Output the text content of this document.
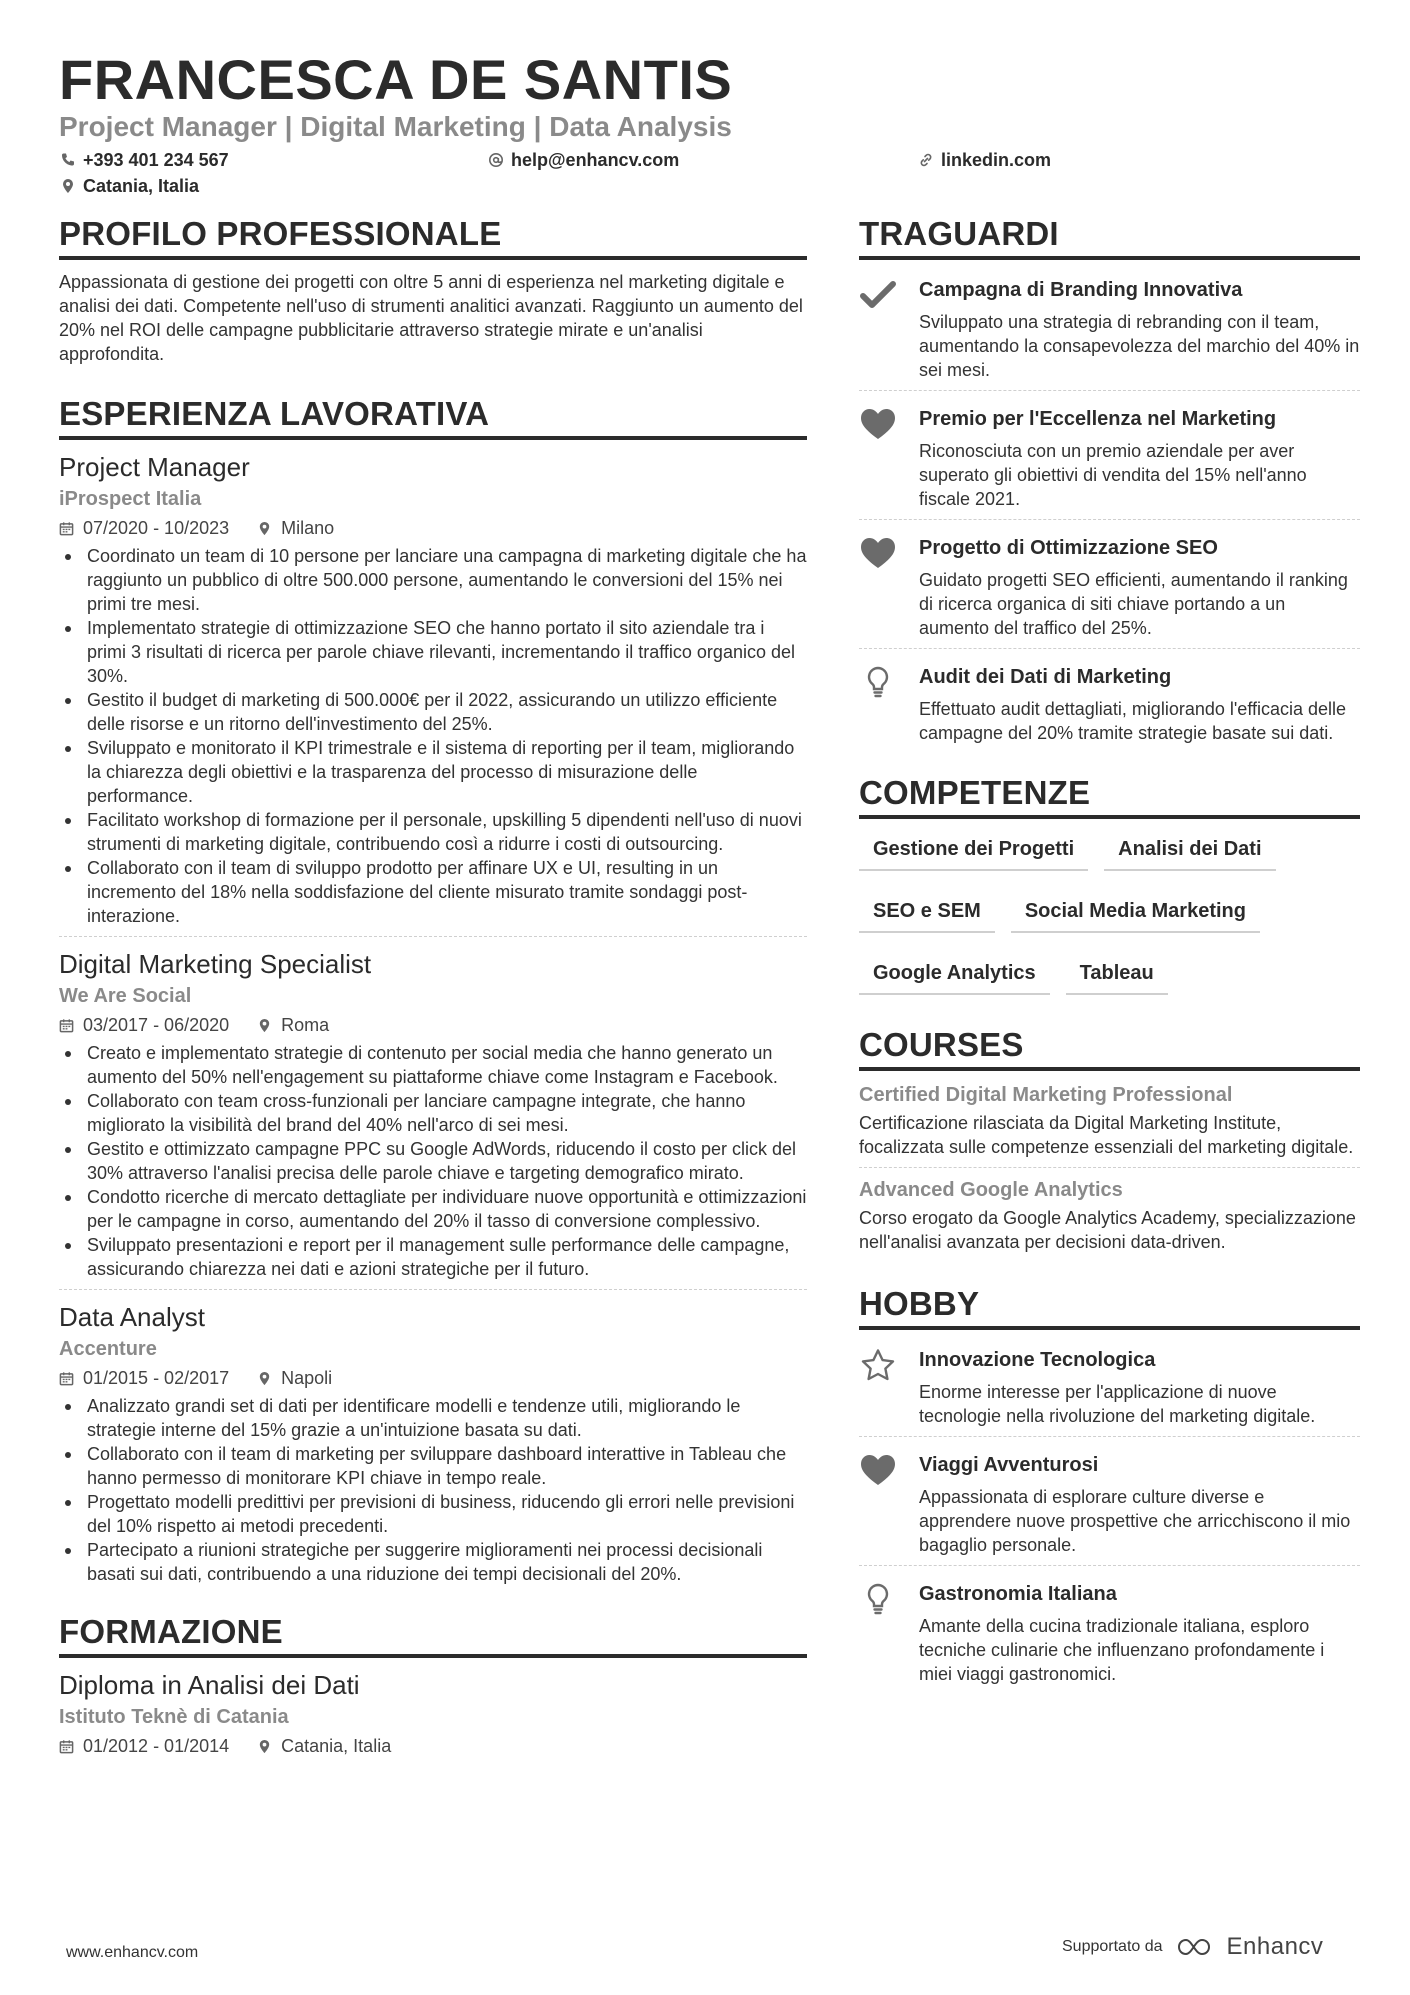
FRANCESCA DE SANTIS
Project Manager | Digital Marketing | Data Analysis
+393 401 234 567	help@enhancv.com	linkedin.com
Catania, Italia
PROFILO PROFESSIONALE
Appassionata di gestione dei progetti con oltre 5 anni di esperienza nel marketing digitale e analisi dei dati. Competente nell'uso di strumenti analitici avanzati. Raggiunto un aumento del 20% nel ROI delle campagne pubblicitarie attraverso strategie mirate e un'analisi approfondita.
ESPERIENZA LAVORATIVA
Project Manager
iProspect Italia
07/2020 - 10/2023	Milano
Coordinato un team di 10 persone per lanciare una campagna di marketing digitale che ha raggiunto un pubblico di oltre 500.000 persone, aumentando le conversioni del 15% nei primi tre mesi.
Implementato strategie di ottimizzazione SEO che hanno portato il sito aziendale tra i primi 3 risultati di ricerca per parole chiave rilevanti, incrementando il traffico organico del 30%.
Gestito il budget di marketing di 500.000€ per il 2022, assicurando un utilizzo efficiente delle risorse e un ritorno dell'investimento del 25%.
Sviluppato e monitorato il KPI trimestrale e il sistema di reporting per il team, migliorando la chiarezza degli obiettivi e la trasparenza del processo di misurazione delle performance.
Facilitato workshop di formazione per il personale, upskilling 5 dipendenti nell'uso di nuovi strumenti di marketing digitale, contribuendo così a ridurre i costi di outsourcing.
Collaborato con il team di sviluppo prodotto per affinare UX e UI, resulting in un incremento del 18% nella soddisfazione del cliente misurato tramite sondaggi post-interazione.
Digital Marketing Specialist
We Are Social
03/2017 - 06/2020	Roma
Creato e implementato strategie di contenuto per social media che hanno generato un aumento del 50% nell'engagement su piattaforme chiave come Instagram e Facebook.
Collaborato con team cross-funzionali per lanciare campagne integrate, che hanno migliorato la visibilità del brand del 40% nell'arco di sei mesi.
Gestito e ottimizzato campagne PPC su Google AdWords, riducendo il costo per click del 30% attraverso l'analisi precisa delle parole chiave e targeting demografico mirato.
Condotto ricerche di mercato dettagliate per individuare nuove opportunità e ottimizzazioni per le campagne in corso, aumentando del 20% il tasso di conversione complessivo.
Sviluppato presentazioni e report per il management sulle performance delle campagne, assicurando chiarezza nei dati e azioni strategiche per il futuro.
Data Analyst
Accenture
01/2015 - 02/2017	Napoli
Analizzato grandi set di dati per identificare modelli e tendenze utili, migliorando le strategie interne del 15% grazie a un'intuizione basata su dati.
Collaborato con il team di marketing per sviluppare dashboard interattive in Tableau che hanno permesso di monitorare KPI chiave in tempo reale.
Progettato modelli predittivi per previsioni di business, riducendo gli errori nelle previsioni del 10% rispetto ai metodi precedenti.
Partecipato a riunioni strategiche per suggerire miglioramenti nei processi decisionali basati sui dati, contribuendo a una riduzione dei tempi decisionali del 20%.
FORMAZIONE
Diploma in Analisi dei Dati
Istituto Teknè di Catania
01/2012 - 01/2014	Catania, Italia
TRAGUARDI
Campagna di Branding Innovativa
Sviluppato una strategia di rebranding con il team, aumentando la consapevolezza del marchio del 40% in sei mesi.
Premio per l'Eccellenza nel Marketing
Riconosciuta con un premio aziendale per aver superato gli obiettivi di vendita del 15% nell'anno fiscale 2021.
Progetto di Ottimizzazione SEO
Guidato progetti SEO efficienti, aumentando il ranking di ricerca organica di siti chiave portando a un aumento del traffico del 25%.
Audit dei Dati di Marketing
Effettuato audit dettagliati, migliorando l'efficacia delle campagne del 20% tramite strategie basate sui dati.
COMPETENZE
Gestione dei Progetti	Analisi dei Dati
SEO e SEM	Social Media Marketing
Google Analytics	Tableau
COURSES
Certified Digital Marketing Professional
Certificazione rilasciata da Digital Marketing Institute, focalizzata sulle competenze essenziali del marketing digitale.
Advanced Google Analytics
Corso erogato da Google Analytics Academy, specializzazione nell'analisi avanzata per decisioni data-driven.
HOBBY
Innovazione Tecnologica
Enorme interesse per l'applicazione di nuove tecnologie nella rivoluzione del marketing digitale.
Viaggi Avventurosi
Appassionata di esplorare culture diverse e apprendere nuove prospettive che arricchiscono il mio bagaglio personale.
Gastronomia Italiana
Amante della cucina tradizionale italiana, esploro tecniche culinarie che influenzano profondamente i miei viaggi gastronomici.
www.enhancv.com	Supportato da	Enhancv
